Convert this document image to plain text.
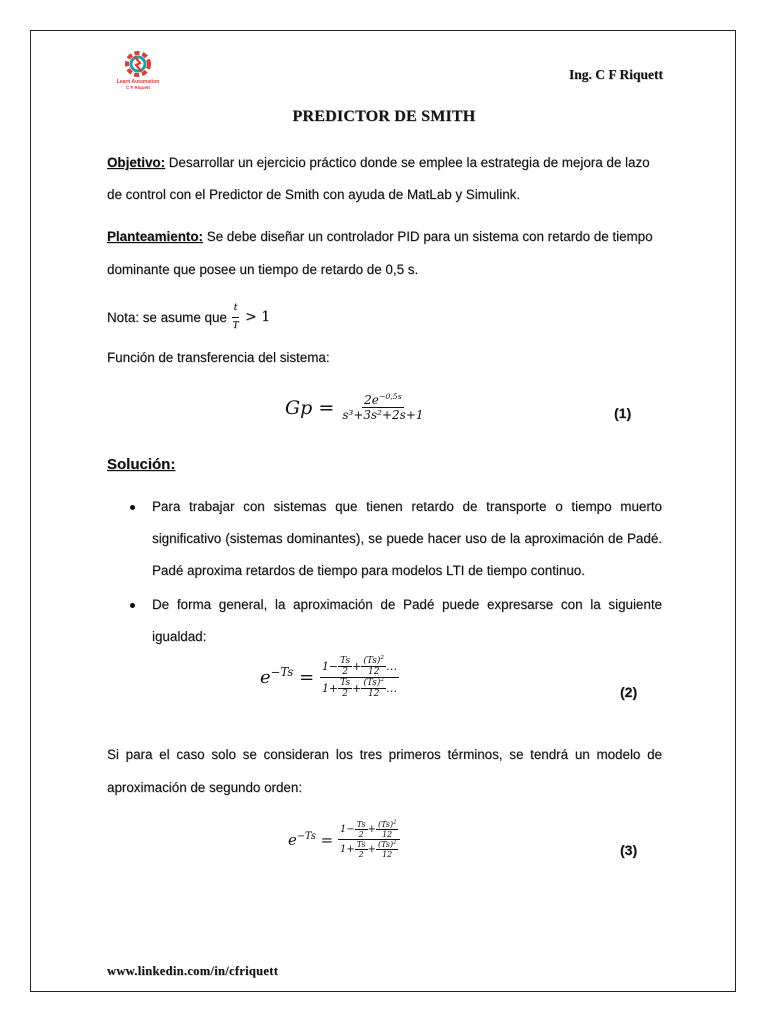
Learn Automation
C F Riquett
Ing. C F Riquett
PREDICTOR DE SMITH
Objetivo: Desarrollar un ejercicio práctico donde se emplee la estrategia de mejora de lazo
de control con el Predictor de Smith con ayuda de MatLab y Simulink.
Planteamiento: Se debe diseñar un controlador PID para un sistema con retardo de tiempo
dominante que posee un tiempo de retardo de 0,5 s.
Nota: se asume que $\frac{t}{T} > 1$
Función de transferencia del sistema:
$Gp = \frac{2e^{-0,5s}}{\text{s³+3s²+2s+1}}$	(1)
Solución:
Para trabajar con sistemas que tienen retardo de transporte o tiempo muerto
significativo (sistemas dominantes), se puede hacer uso de la aproximación de Padé.
Padé aproxima retardos de tiempo para modelos LTI de tiempo continuo.
De forma general, la aproximación de Padé puede expresarse con la siguiente
igualdad:
$e^{-Ts} = \frac{1- \frac{Ts}{2} + \frac{(Ts)^2}{12} \dots}{1+ \frac{Ts}{2} + \frac{(Ts)^2}{12} \dots}$	(2)
Si para el caso solo se consideran los tres primeros términos, se tendrá un modelo de
aproximación de segundo orden:
$e^{-Ts} = \frac{1- \frac{Ts}{2} + \frac{(Ts)^2}{12}}{1+ \frac{Ts}{2} + \frac{(Ts)^2}{12}}$	(3)
www.linkedin.com/in/cfriquett
